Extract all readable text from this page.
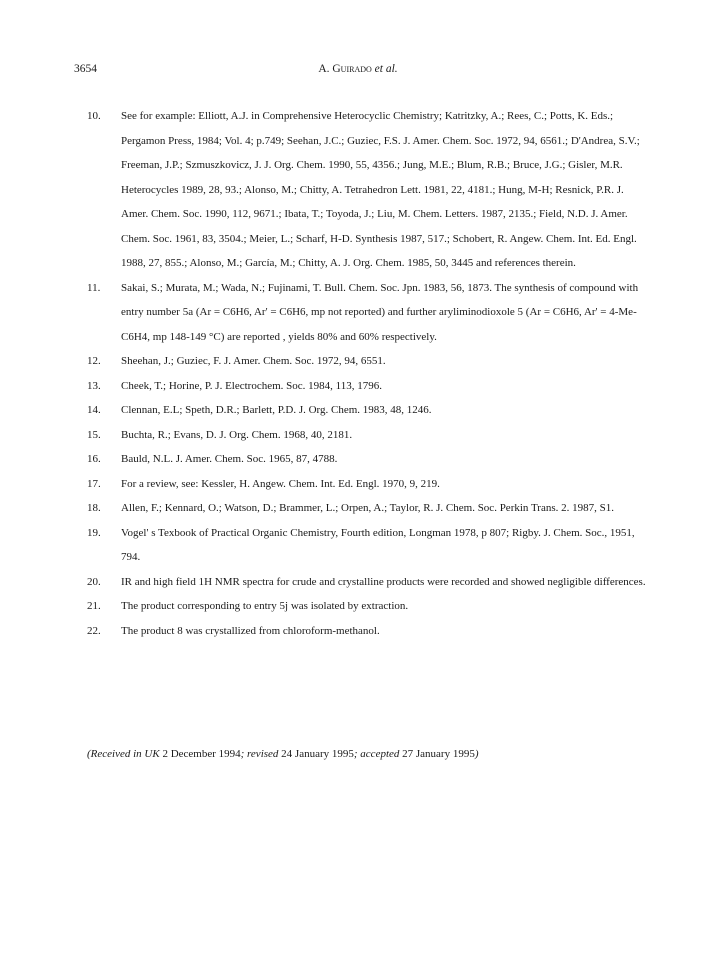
3654	A. Guirado et al.
10. See for example: Elliott, A.J. in Comprehensive Heterocyclic Chemistry; Katritzky, A.; Rees, C.; Potts, K. Eds.; Pergamon Press, 1984; Vol. 4; p.749; Seehan, J.C.; Guziec, F.S. J. Amer. Chem. Soc. 1972, 94, 6561.; D'Andrea, S.V.; Freeman, J.P.; Szmuszkovicz, J. J. Org. Chem. 1990, 55, 4356.; Jung, M.E.; Blum, R.B.; Bruce, J.G.; Gisler, M.R. Heterocycles 1989, 28, 93.; Alonso, M.; Chitty, A. Tetrahedron Lett. 1981, 22, 4181.; Hung, M-H; Resnick, P.R. J. Amer. Chem. Soc. 1990, 112, 9671.; Ibata, T.; Toyoda, J.; Liu, M. Chem. Letters. 1987, 2135.; Field, N.D. J. Amer. Chem. Soc. 1961, 83, 3504.; Meier, L.; Scharf, H-D. Synthesis 1987, 517.; Schobert, R. Angew. Chem. Int. Ed. Engl. 1988, 27, 855.; Alonso, M.; García, M.; Chitty, A. J. Org. Chem. 1985, 50, 3445 and references therein.
11. Sakai, S.; Murata, M.; Wada, N.; Fujinami, T. Bull. Chem. Soc. Jpn. 1983, 56, 1873. The synthesis of compound with entry number 5a (Ar = C6H6, Ar' = C6H6, mp not reported) and further aryliminodioxole 5 (Ar = C6H6, Ar' = 4-Me-C6H4, mp 148-149 °C) are reported , yields 80% and 60% respectively.
12. Sheehan, J.; Guziec, F. J. Amer. Chem. Soc. 1972, 94, 6551.
13. Cheek, T.; Horine, P. J. Electrochem. Soc. 1984, 113, 1796.
14. Clennan, E.L; Speth, D.R.; Barlett, P.D. J. Org. Chem. 1983, 48, 1246.
15. Buchta, R.; Evans, D. J. Org. Chem. 1968, 40, 2181.
16. Bauld, N.L. J. Amer. Chem. Soc. 1965, 87, 4788.
17. For a review, see: Kessler, H. Angew. Chem. Int. Ed. Engl. 1970, 9, 219.
18. Allen, F.; Kennard, O.; Watson, D.; Brammer, L.; Orpen, A.; Taylor, R. J. Chem. Soc. Perkin Trans. 2. 1987, S1.
19. Vogel' s Texbook of Practical Organic Chemistry, Fourth edition, Longman 1978, p 807; Rigby. J. Chem. Soc., 1951, 794.
20. IR and high field 1H NMR spectra for crude and crystalline products were recorded and showed negligible differences.
21. The product corresponding to entry 5j was isolated by extraction.
22. The product 8 was crystallized from chloroform-methanol.
(Received in UK 2 December 1994; revised 24 January 1995; accepted 27 January 1995)
